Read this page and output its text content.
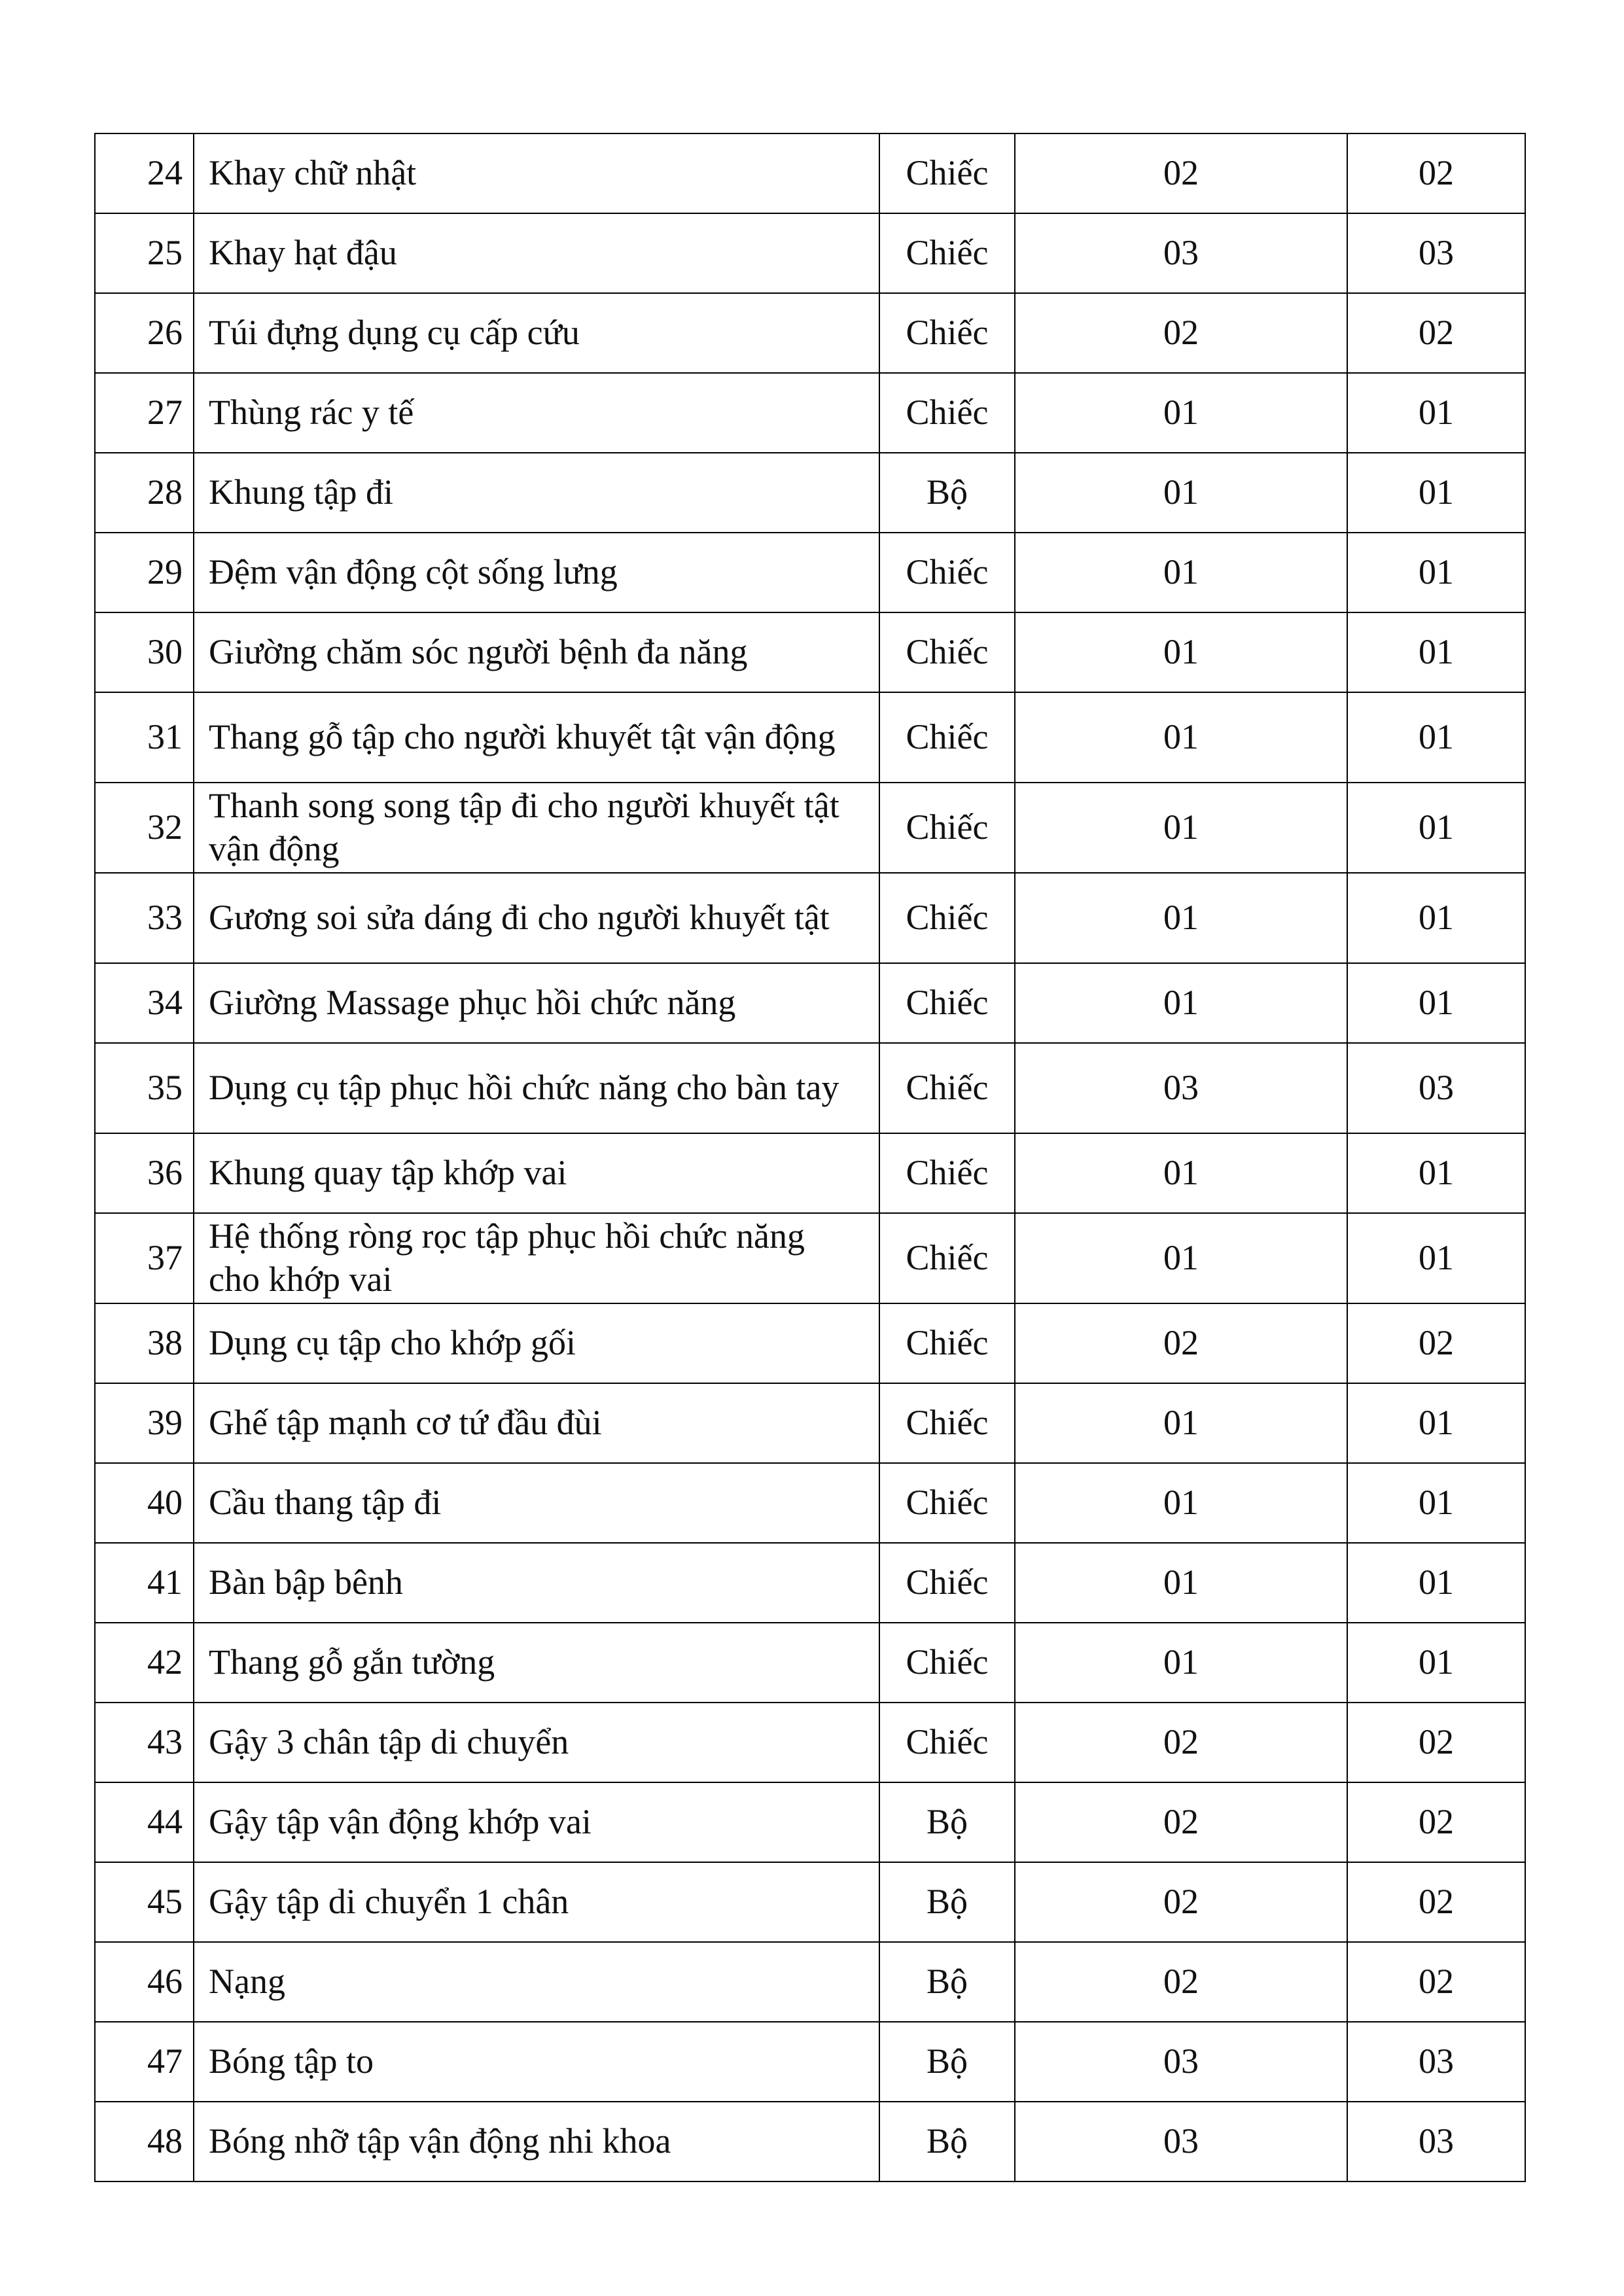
24	Khay chữ nhật	Chiếc	02	02
25	Khay hạt đậu	Chiếc	03	03
26	Túi đựng dụng cụ cấp cứu	Chiếc	02	02
27	Thùng rác y tế	Chiếc	01	01
28	Khung tập đi	Bộ	01	01
29	Đệm vận động cột sống lưng	Chiếc	01	01
30	Giường chăm sóc người bệnh đa năng	Chiếc	01	01
31	Thang gỗ tập cho người khuyết tật vận động	Chiếc	01	01
32	Thanh song song tập đi cho người khuyết tật vận động	Chiếc	01	01
33	Gương soi sửa dáng đi cho người khuyết tật	Chiếc	01	01
34	Giường Massage phục hồi chức năng	Chiếc	01	01
35	Dụng cụ tập phục hồi chức năng cho bàn tay	Chiếc	03	03
36	Khung quay tập khớp vai	Chiếc	01	01
37	Hệ thống ròng rọc tập phục hồi chức năng cho khớp vai	Chiếc	01	01
38	Dụng cụ tập cho khớp gối	Chiếc	02	02
39	Ghế tập mạnh cơ tứ đầu đùi	Chiếc	01	01
40	Cầu thang tập đi	Chiếc	01	01
41	Bàn bập bênh	Chiếc	01	01
42	Thang gỗ gắn tường	Chiếc	01	01
43	Gậy 3 chân tập di chuyển	Chiếc	02	02
44	Gậy tập vận động khớp vai	Bộ	02	02
45	Gậy tập di chuyển 1 chân	Bộ	02	02
46	Nạng	Bộ	02	02
47	Bóng tập to	Bộ	03	03
48	Bóng nhỡ tập vận động nhi khoa	Bộ	03	03
